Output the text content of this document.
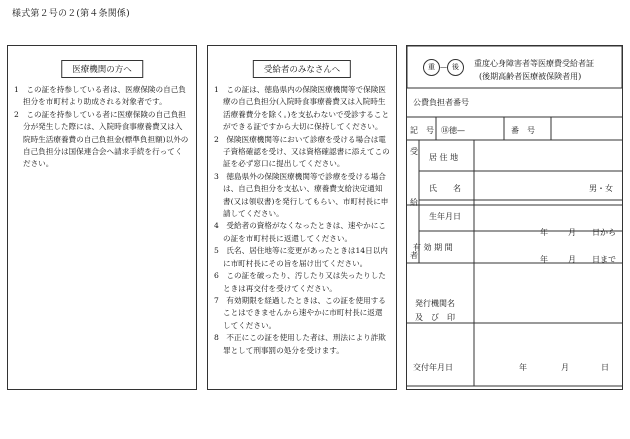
様式第２号の２(第４条関係)
医療機関の方へ

1　この証を持参している者は、医療保険の自己負担分を市町村より助成される対象者です。

2　この証を持参している者に医療保険の自己負担分が発生した際には、入院時食事療養費又は入院時生活療養費の自己負担金(標準負担額)以外の自己負担分は国保連合会へ請求手続を行ってください。

受給者のみなさんへ

1　この証は、徳島県内の保険医療機関等で保険医療の自己負担分(入院時食事療養費又は入院時生活療養費分を除く。)を支払わないで受診することができる証ですから大切に保持してください。

2　保険医療機関等において診療を受ける場合は電子資格確認を受け、又は資格確認書に添えてこの証を必ず窓口に提出してください。

3　徳島県外の保険医療機関等で診療を受ける場合は、自己負担分を支払い、療養費支給決定通知書(又は領収書)を発行してもらい、市町村長に申請してください。

4　受給者の資格がなくなったときは、速やかにこの証を市町村長に返還してください。

5　氏名、居住地等に変更があったときは14日以内に市町村長にその旨を届け出てください。

6　この証を破ったり、汚したり又は失ったりしたときは再交付を受けてください。

7　有効期限を経過したときは、この証を使用することはできませんから速やかに市町村長に返還してください。

8　不正にこの証を使用した者は、刑法により詐欺罪として刑事罰の処分を受けます。

重 — 後	重度心身障害者等医療費受給者証
(後期高齢者医療被保険者用)
公費負担者番号
記　号 ⑱徳—	番　号
受
給
者
居 住 地
氏　　名	男・女
生年月日
有 効 期 間
年	月 日から
年	月 日まで
発行機関名
及　び　印
交付年月日	年	月	日
